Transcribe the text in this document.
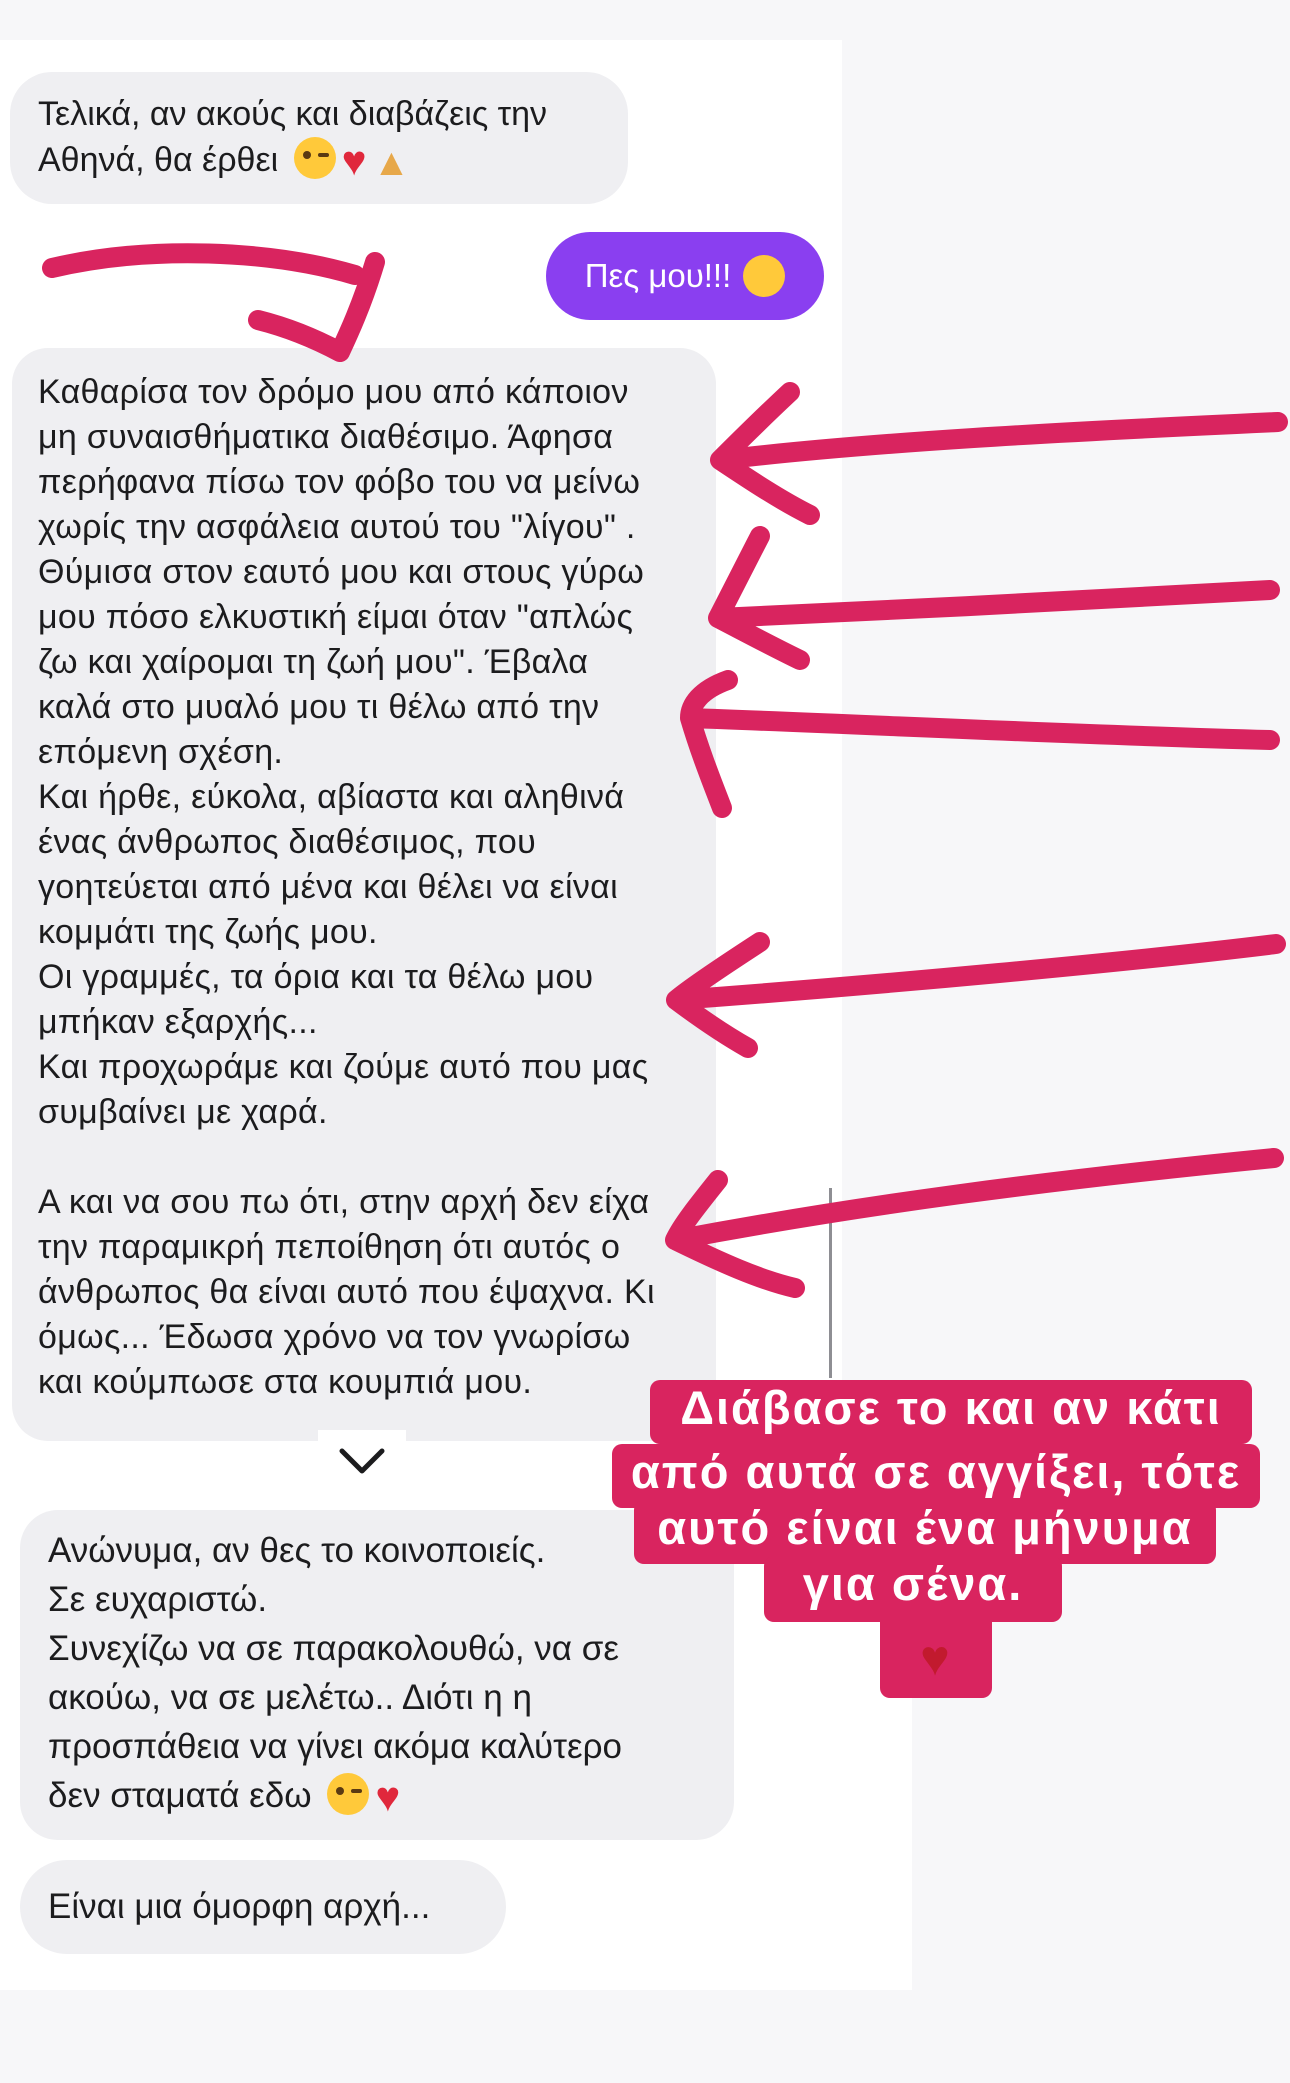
Τελικά, αν ακούς και διαβάζεις την
Αθηνά, θα έρθει ♥ ▲
Πες μου!!!
Καθαρίσα τον δρόμο μου από κάποιον
μη συναισθήματικα διαθέσιμο. Άφησα
περήφανα πίσω τον φόβο του να μείνω
χωρίς την ασφάλεια αυτού του "λίγου" .
Θύμισα στον εαυτό μου και στους γύρω
μου πόσο ελκυστική είμαι όταν "απλώς
ζω και χαίρομαι τη ζωή μου". Έβαλα
καλά στο μυαλό μου τι θέλω από την
επόμενη σχέση.
Και ήρθε, εύκολα, αβίαστα και αληθινά
ένας άνθρωπος διαθέσιμος, που
γοητεύεται από μένα και θέλει να είναι
κομμάτι της ζωής μου.
Οι γραμμές, τα όρια και τα θέλω μου
μπήκαν εξαρχής...
Και προχωράμε και ζούμε αυτό που μας
συμβαίνει με χαρά.
Α και να σου πω ότι, στην αρχή δεν είχα
την παραμικρή πεποίθηση ότι αυτός ο
άνθρωπος θα είναι αυτό που έψαχνα. Κι
όμως... Έδωσα χρόνο να τον γνωρίσω
και κούμπωσε στα κουμπιά μου.
Ανώνυμα, αν θες το κοινοποιείς.
Σε ευχαριστώ.
Συνεχίζω να σε παρακολουθώ, να σε
ακούω, να σε μελέτω.. Διότι η η
προσπάθεια να γίνει ακόμα καλύτερο
δεν σταματά εδω ♥
Είναι μια όμορφη αρχή...
Διάβασε το και αν κάτι
από αυτά σε αγγίξει, τότε
αυτό είναι ένα μήνυμα
για σένα.
♥
